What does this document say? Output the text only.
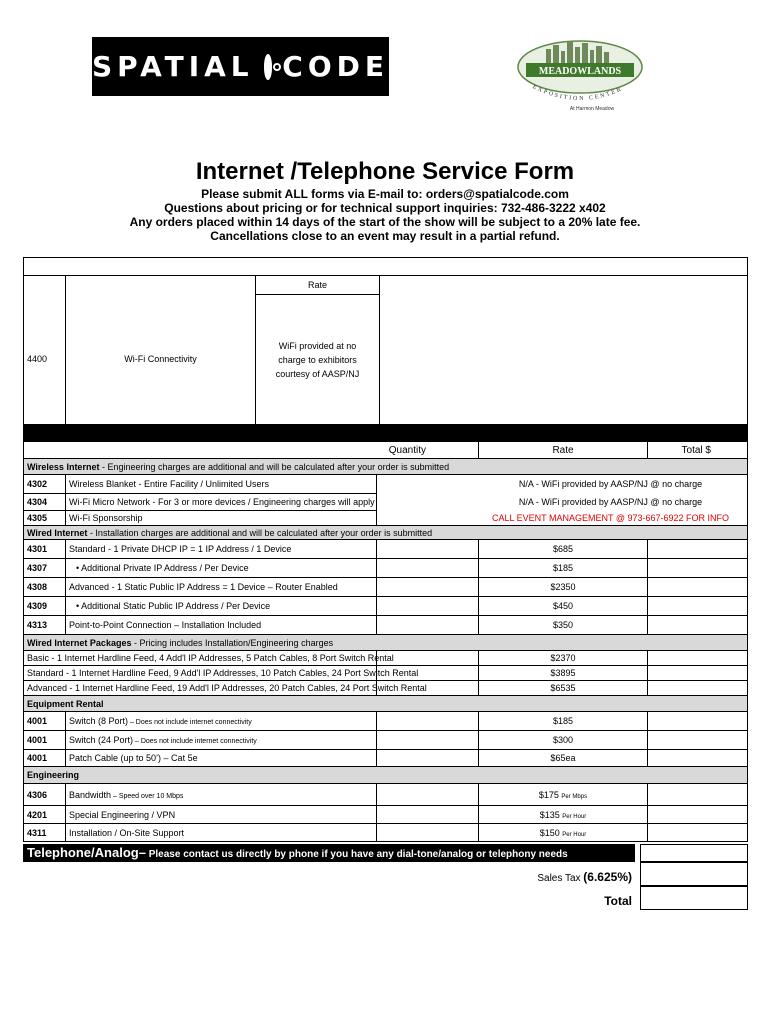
SPATIAL CODE	MEADOWLANDS
EXPOSITION CENTER
At Harmon Meadow
Internet /Telephone Service Form
Please submit ALL forms via E-mail to: orders@spatialcode.com
Questions about pricing or for technical support inquiries: 732-486-3222 x402
Any orders placed within 14 days of the start of the show will be subject to a 20% late fee.
Cancellations close to an event may result in a partial refund.

		Rate	
4400	Wi-Fi Connectivity	WiFi provided at no charge to exhibitors courtesy of AASP/NJ	

Quantity			Rate	Total $
Wireless Internet - Engineering charges are additional and will be calculated after your order is submitted				
4302	Wireless Blanket - Entire Facility / Unlimited Users	N/A - WiFi provided by AASP/NJ @ no charge		
4304	Wi-Fi Micro Network - For 3 or more devices / Engineering charges will apply	N/A - WiFi provided by AASP/NJ @ no charge		
4305	Wi-Fi Sponsorship	CALL EVENT MANAGEMENT @ 973-667-6922 FOR INFO		
Wired Internet - Installation charges are additional and will be calculated after your order is submitted				
4301	Standard - 1 Private DHCP IP = 1 IP Address / 1 Device		$685	
4307	• Additional Private IP Address / Per Device		$185	
4308	Advanced - 1 Static Public IP Address = 1 Device – Router Enabled		$2350	
4309	• Additional Static Public IP Address / Per Device		$450	
4313	Point-to-Point Connection – Installation Included		$350	
Wired Internet Packages - Pricing includes Installation/Engineering charges				
Basic - 1 Internet Hardline Feed, 4 Add'l IP Addresses, 5 Patch Cables, 8 Port Switch Rental			$2370	
Standard - 1 Internet Hardline Feed, 9 Add'l IP Addresses, 10 Patch Cables, 24 Port Switch Rental			$3895	
Advanced - 1 Internet Hardline Feed, 19 Add'l IP Addresses, 20 Patch Cables, 24 Port Switch Rental			$6535	
Equipment Rental				
4001	Switch (8 Port) – Does not include internet connectivity		$185	
4001	Switch (24 Port) – Does not include internet connectivity		$300	
4001	Patch Cable (up to 50’) – Cat 5e		$65ea	
Engineering				
4306	Bandwidth – Speed over 10 Mbps		$175 Per Mbps	
4201	Special Engineering / VPN		$135 Per Hour	
4311	Installation / On-Site Support		$150 Per Hour	
Telephone/Analog– Please contact us directly by phone if you have any dial-tone/analog or telephony needs
Sales Tax (6.625%)
Total
